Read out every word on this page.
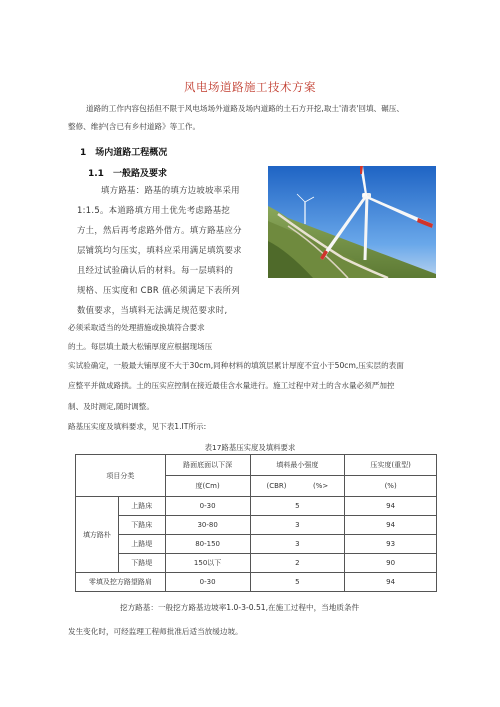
风电场道路施工技术方案
道路的工作内容包括但不限于风电场场外道路及场内道路的土石方开挖,取土'清表'回填、碾压、
整修、维护(含已有乡村道路》等工作。
1　场内道路工程概况
1.1　一般路及要求
填方路基：路基的填方边坡坡率采用
1:1.5。本道路填方用土优先考虑路基挖
方土，然后再考虑路外借方。填方路基应分
层铺筑均匀压实，填料应采用满足填筑要求
且经过试验确认后的材料。每一层填料的
规格、压实度和 CBR 值必须满足下表所列
数值要求，当填料无法满足规范要求时,
必须采取适当的处理措施或换填符合要求
的土。每层填土最大松铺厚度应根据现场压
实试验确定，一般最大铺厚度不大于30cm,同种材料的填筑层累计厚度不宜小于50cm,压实层的表面
应整平并做成路拱。土的压实应控制在接近最佳含水量进行。施工过程中对土的含水量必须严加控
制、及时测定,随时调整。
路基压实度及填料要求，见下表1.IT所示:
表17路基压实度及填料要求
项目分类		路面底面以下深	填料最小强度	压实度(重型)
		度(Cm)	(CBR) (%>	(%)
填方路朴	上路床	0-30	5	94
	下路床	30-80	3	94
	上路堤	80-150	3	93
	下路堤	150以下	2	90
零填及挖方路望路肩		0-30	5	94
挖方路基：一般挖方路基边坡率1.0-3-0.51,在施工过程中，当地质条件
发生变化时，可经监理工程师批准后适当放缓边坡。
